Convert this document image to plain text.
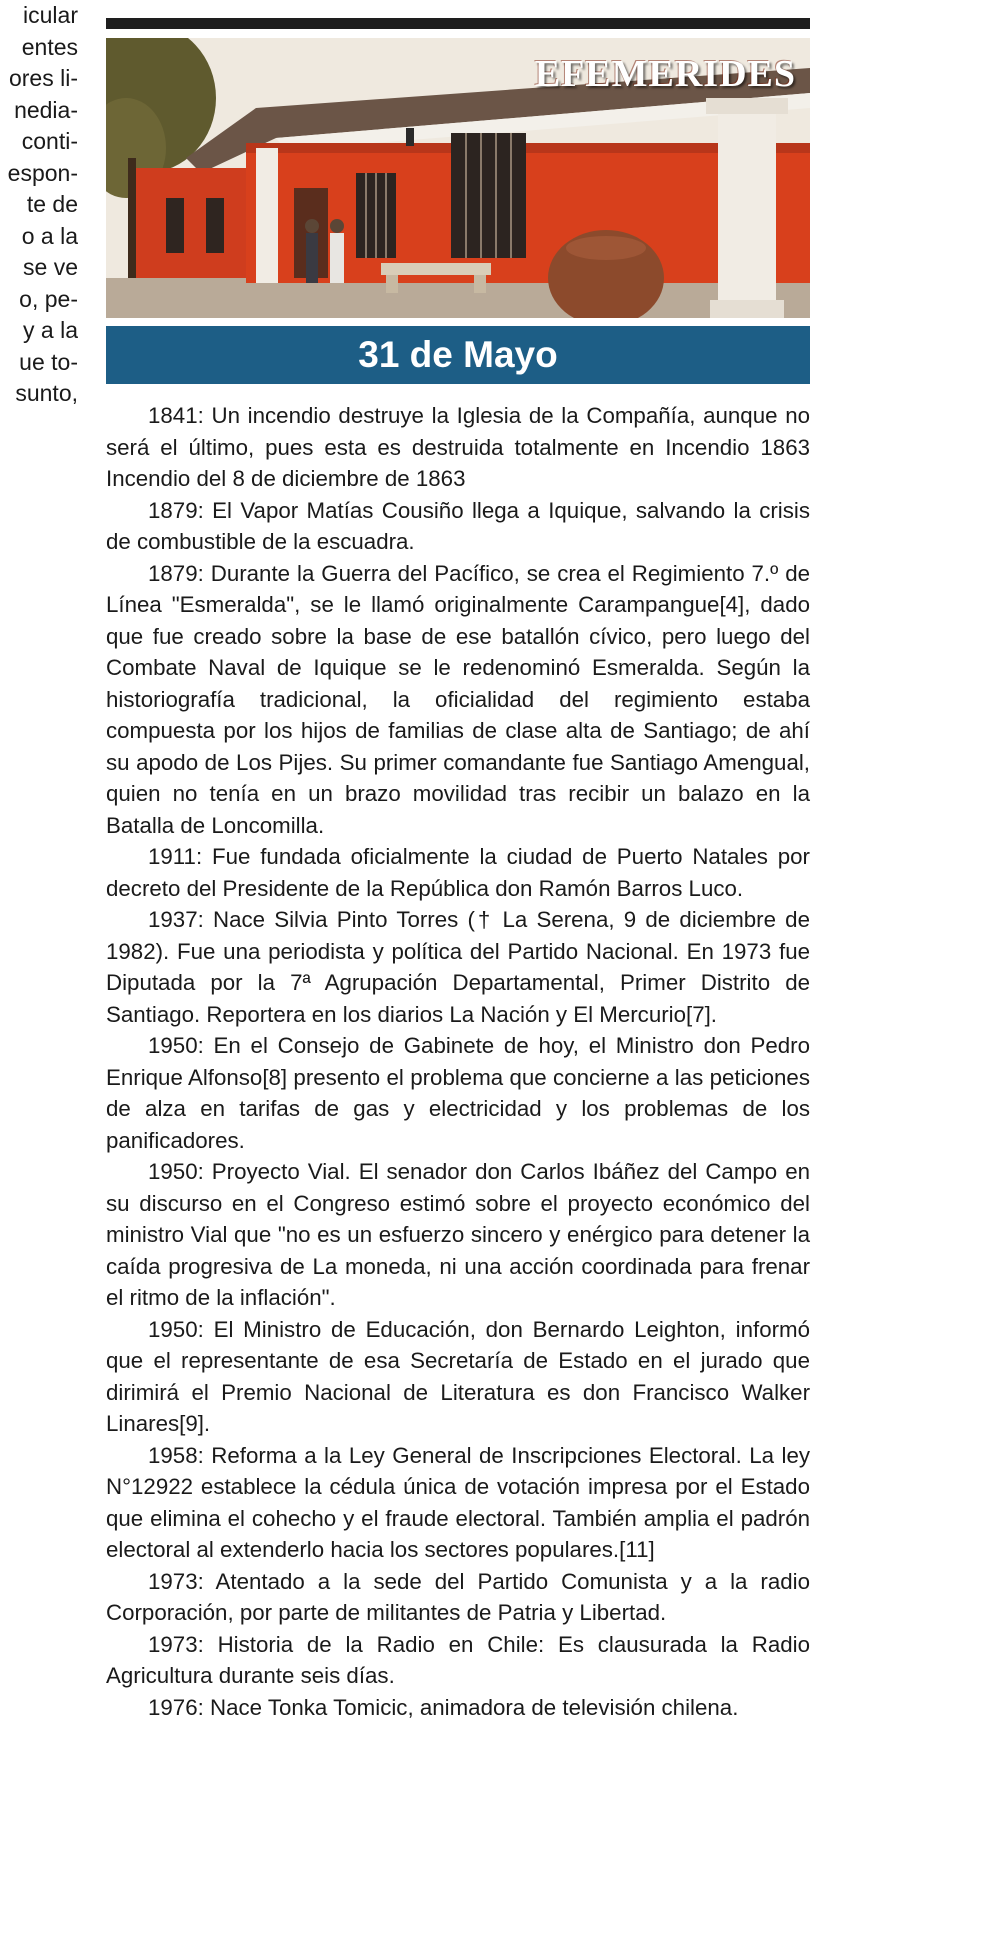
icular
entes
ores li-
nedia-
conti-
espon-
te de
o a la
se ve
o, pe-
y a la
ue to-
sunto,
EFEMERIDES
31 de Mayo

1841: Un incendio destruye la Iglesia de la Compañía, aunque no será el último, pues esta es destruida totalmente en Incendio 1863 Incendio del 8 de diciembre de 1863

1879: El Vapor Matías Cousiño llega a Iquique, salvando la crisis de combustible de la escuadra.

1879: Durante la Guerra del Pacífico, se crea el Regimiento 7.º de Línea "Esmeralda", se le llamó originalmente Carampangue[4], dado que fue creado sobre la base de ese batallón cívico, pero luego del Combate Naval de Iquique se le redenominó Esmeralda. Según la historiografía tradicional, la oficialidad del regimiento estaba compuesta por los hijos de familias de clase alta de Santiago; de ahí su apodo de Los Pijes. Su primer comandante fue Santiago Amengual, quien no tenía en un brazo movilidad tras recibir un balazo en la Batalla de Loncomilla.

1911: Fue fundada oficialmente la ciudad de Puerto Natales por decreto del Presidente de la República don Ramón Barros Luco.

1937: Nace Silvia Pinto Torres († La Serena, 9 de diciembre de 1982). Fue una periodista y política del Partido Nacional. En 1973 fue Diputada por la 7ª Agrupación Departamental, Primer Distrito de Santiago. Reportera en los diarios La Nación y El Mercurio[7].

1950: En el Consejo de Gabinete de hoy, el Ministro don Pedro Enrique Alfonso[8] presento el problema que concierne a las peticiones de alza en tarifas de gas y electricidad y los problemas de los panificadores.

1950: Proyecto Vial. El senador don Carlos Ibáñez del Campo en su discurso en el Congreso estimó sobre el proyecto económico del ministro Vial que "no es un esfuerzo sincero y enérgico para detener la caída progresiva de La moneda, ni una acción coordinada para frenar el ritmo de la inflación".

1950: El Ministro de Educación, don Bernardo Leighton, informó que el representante de esa Secretaría de Estado en el jurado que dirimirá el Premio Nacional de Literatura es don Francisco Walker Linares[9].

1958: Reforma a la Ley General de Inscripciones Electoral. La ley N°12922 establece la cédula única de votación impresa por el Estado que elimina el cohecho y el fraude electoral. También amplia el padrón electoral al extenderlo hacia los sectores populares.[11]

1973: Atentado a la sede del Partido Comunista y a la radio Corporación, por parte de militantes de Patria y Libertad.

1973: Historia de la Radio en Chile: Es clausurada la Radio Agricultura durante seis días.

1976: Nace Tonka Tomicic, animadora de televisión chilena.
